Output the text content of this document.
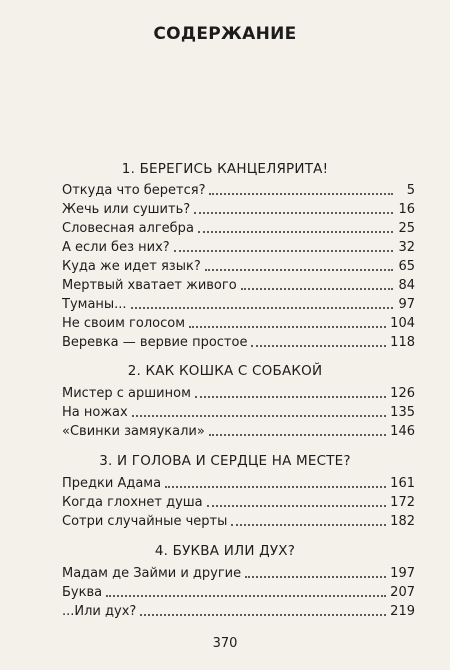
СОДЕРЖАНИЕ
1. БЕРЕГИСЬ КАНЦЕЛЯРИТА!
Откуда что берется?	5
Жечь или сушить?	16
Словесная алгебра	25
А если без них?	32
Куда же идет язык?	65
Мертвый хватает живого	84
Туманы...	97
Не своим голосом	104
Веревка — вервие простое	118
2. КАК КОШКА С СОБАКОЙ
Мистер с аршином	126
На ножах	135
«Свинки замяукали»	146
3. И ГОЛОВА И СЕРДЦЕ НА МЕСТЕ?
Предки Адама	161
Когда глохнет душа	172
Сотри случайные черты	182
4. БУКВА ИЛИ ДУХ?
Мадам де Займи и другие	197
Буква	207
...Или дух?	219
370
